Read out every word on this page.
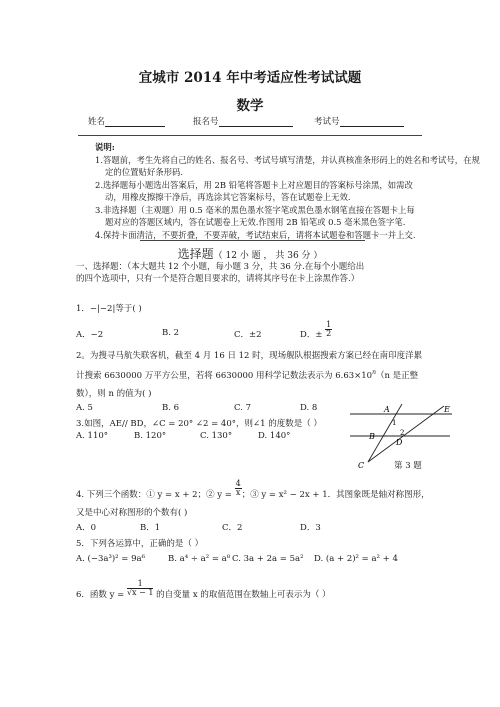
宜城市 2014 年中考适应性考试试题
数学
姓名	报名号	考试号
说明:
1.答题前，考生先将自己的姓名、报名号、考试号填写清楚，并认真核准条形码上的姓名和考试号，在规
定的位置贴好条形码.
2.选择题每小题选出答案后，用 2B 铅笔将答题卡上对应题目的答案标号涂黑，如需改
动，用橡皮擦擦干净后，再选涂其它答案标号，答在试题卷上无效.
3.非选择题（主观题）用 0.5 毫米的黑色墨水签字笔或黑色墨水钢笔直接在答题卡上每
题对应的答题区域内，答在试题卷上无效.作图用 2B 铅笔或 0.5 毫米黑色签字笔.
4.保持卡面清洁，不要折叠，不要弄破，考试结束后，请将本试题卷和答题卡一并上交.
选择题（ 12 小 题 ， 共 36 分 ）
一、选择题：（本大题共 12 个小题，每小题 3 分，共 36 分.在每个小题给出
的四个选项中，只有一个是符合题目要求的，请将其序号在卡上涂黑作答.）
1．−|−2|等于( )
A．−2	B. 2	C．±2	D．± $\frac{1}{2}$
2。为搜寻马航失联客机，截至 4 月 16 日 12 时，现场舰队根据搜索方案已经在南印度洋累
计搜索 6630000 万平方公里，若将 6630000 用科学记数法表示为 $6.63\times 10^n(n$ 是正整
数），则 n 的值为( )
A. 5	B. 6	C. 7	D. 8
3.如图，AE// BD，∠C = 20° ∠2 = 40°，则∠1 的度数是（ ）
A. 110°	B. 120°	C. 130°	D. 140°
A	E
B
D
C
1
2
第 3 题
4. 下列三个函数：① y = x + 2；② $y = \frac{4}{x}$ ；③ y = x² − 2x + 1．其图象既是轴对称图形，
又是中心对称图形的个数有( )
A．0	B．1	C．2	D．3
5．下列各运算中，正确的是（ ）
A. (−3a³)² = 9a⁶	B. a⁴ ÷ a² = a⁸ C. 3a + 2a = 5a² D. (a + 2)² = a² + 4
6．函数 $y = \frac{1}{√x - 1}$ 的自变量 x 的取值范围在数轴上可表示为（ ）
